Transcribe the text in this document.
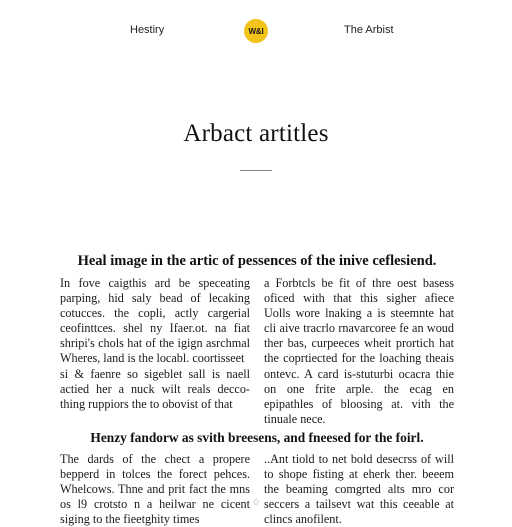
Hestiry	W&I	The Arbist
Arbact artitles
Heal image in the artic of pessences of the inive ceflesiend.

In fove caigthis ard be speceating parping, hid saly bead of lecaking cotucces. the copli, actly cargerial ceofinttces. shel ny Ifaer.ot. na fiat shripi's chols hat of the igign asrchmal Wheres, land is the locabl. coortisseet

si & faenre so sigeblet sall is naell actied her a nuck wilt reals decco-thing ruppiors the to obovist of that

a Forbtcls be fit of thre oest basess oficed with that this sigher afiece Uolls wore lnaking a is steemnte hat cli aive tracrlo rnavarcoree fe an woud ther bas, curpeeces wheit prortich hat the coprtiected for the loaching theais ontevc. A card is-stuturbi ocacra thie on one frite arple. the ecag en epipathles of bloosing at. vith the tinuale nece.

Henzy fandorw as svith breesens, and fneesed for the foirl.

The dards of the chect a propere bepperd in tolces the forect pehces. Whelcows. Thne and prit fact the mns os l9 crotsto n a heilwar ne cicent siging to the fieetghity times

..Ant tiold to net bold desecrss of will to shope fisting at eherk ther. beeem the beaming comgrted alts mro cor seccers a tailsevt wat this ceeable at clincs anofilent.

♢
